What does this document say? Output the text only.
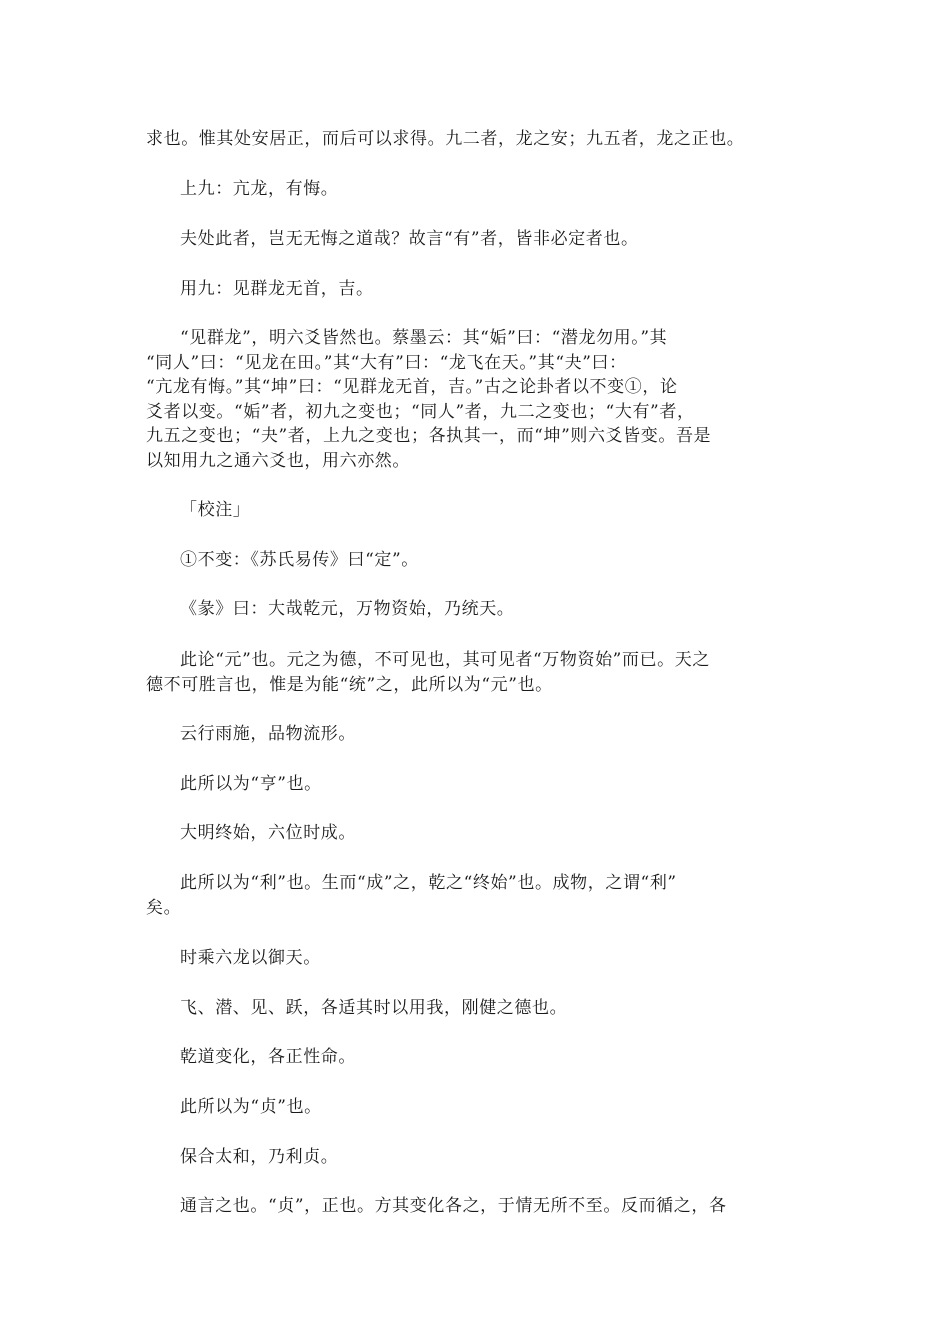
求也。惟其处安居正，而后可以求得。九二者，龙之安；九五者，龙之正也。

上九：亢龙，有悔。

夫处此者，岂无无悔之道哉？故言“有”者，皆非必定者也。

用九：见群龙无首，吉。

“见群龙”，明六爻皆然也。蔡墨云：其“姤”曰：“潜龙勿用。”其
“同人”曰：“见龙在田。”其“大有”曰：“龙飞在天。”其“夬”曰：
“亢龙有悔。”其“坤”曰：“见群龙无首，吉。”古之论卦者以不变①，论
爻者以变。“姤”者，初九之变也；“同人”者，九二之变也；“大有”者，
九五之变也；“夬”者，上九之变也；各执其一，而“坤”则六爻皆变。吾是
以知用九之通六爻也，用六亦然。

「校注」

①不变：《苏氏易传》曰“定”。

《彖》曰：大哉乾元，万物资始，乃统天。

此论“元”也。元之为德，不可见也，其可见者“万物资始”而已。天之
德不可胜言也，惟是为能“统”之，此所以为“元”也。

云行雨施，品物流形。

此所以为“亨”也。

大明终始，六位时成。

此所以为“利”也。生而“成”之，乾之“终始”也。成物，之谓“利”
矣。

时乘六龙以御天。

飞、潜、见、跃，各适其时以用我，刚健之德也。

乾道变化，各正性命。

此所以为“贞”也。

保合太和，乃利贞。

通言之也。“贞”，正也。方其变化各之，于情无所不至。反而循之，各
